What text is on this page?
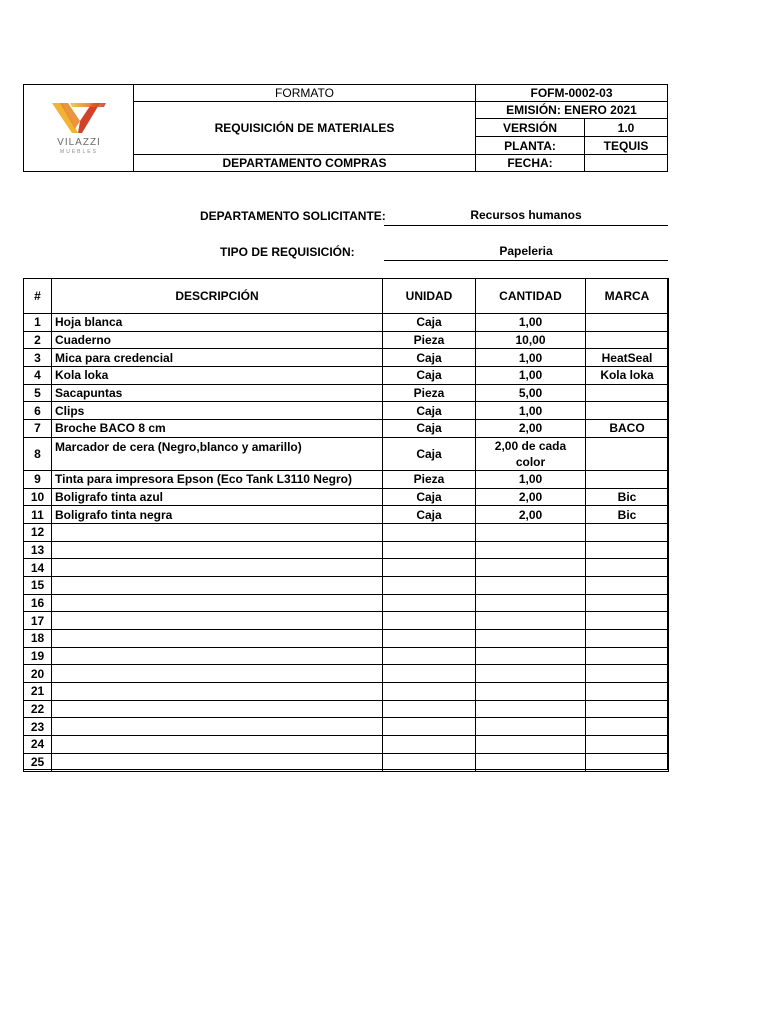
VILAZZI
MUEBLES
FORMATO
REQUISICIÓN DE MATERIALES
DEPARTAMENTO COMPRAS
FOFM-0002-03
EMISIÓN: ENERO 2021
VERSIÓN	1.0
PLANTA:	TEQUIS
FECHA:
DEPARTAMENTO SOLICITANTE:	Recursos humanos
TIPO DE REQUISICIÓN:	Papeleria
#	DESCRIPCIÓN	UNIDAD	CANTIDAD	MARCA
1	Hoja blanca	Caja	1,00	
2	Cuaderno	Pieza	10,00	
3	Mica para credencial	Caja	1,00	HeatSeal
4	Kola loka	Caja	1,00	Kola loka
5	Sacapuntas	Pieza	5,00	
6	Clips	Caja	1,00	
7	Broche BACO 8 cm	Caja	2,00	BACO
8	Marcador de cera (Negro,blanco y amarillo)	Caja	2,00 de cada color	
9	Tinta para impresora Epson (Eco Tank L3110 Negro)	Pieza	1,00	
10	Boligrafo tinta azul	Caja	2,00	Bic
11	Boligrafo tinta negra	Caja	2,00	Bic
12				
13				
14				
15				
16				
17				
18				
19				
20				
21				
22				
23				
24				
25				
